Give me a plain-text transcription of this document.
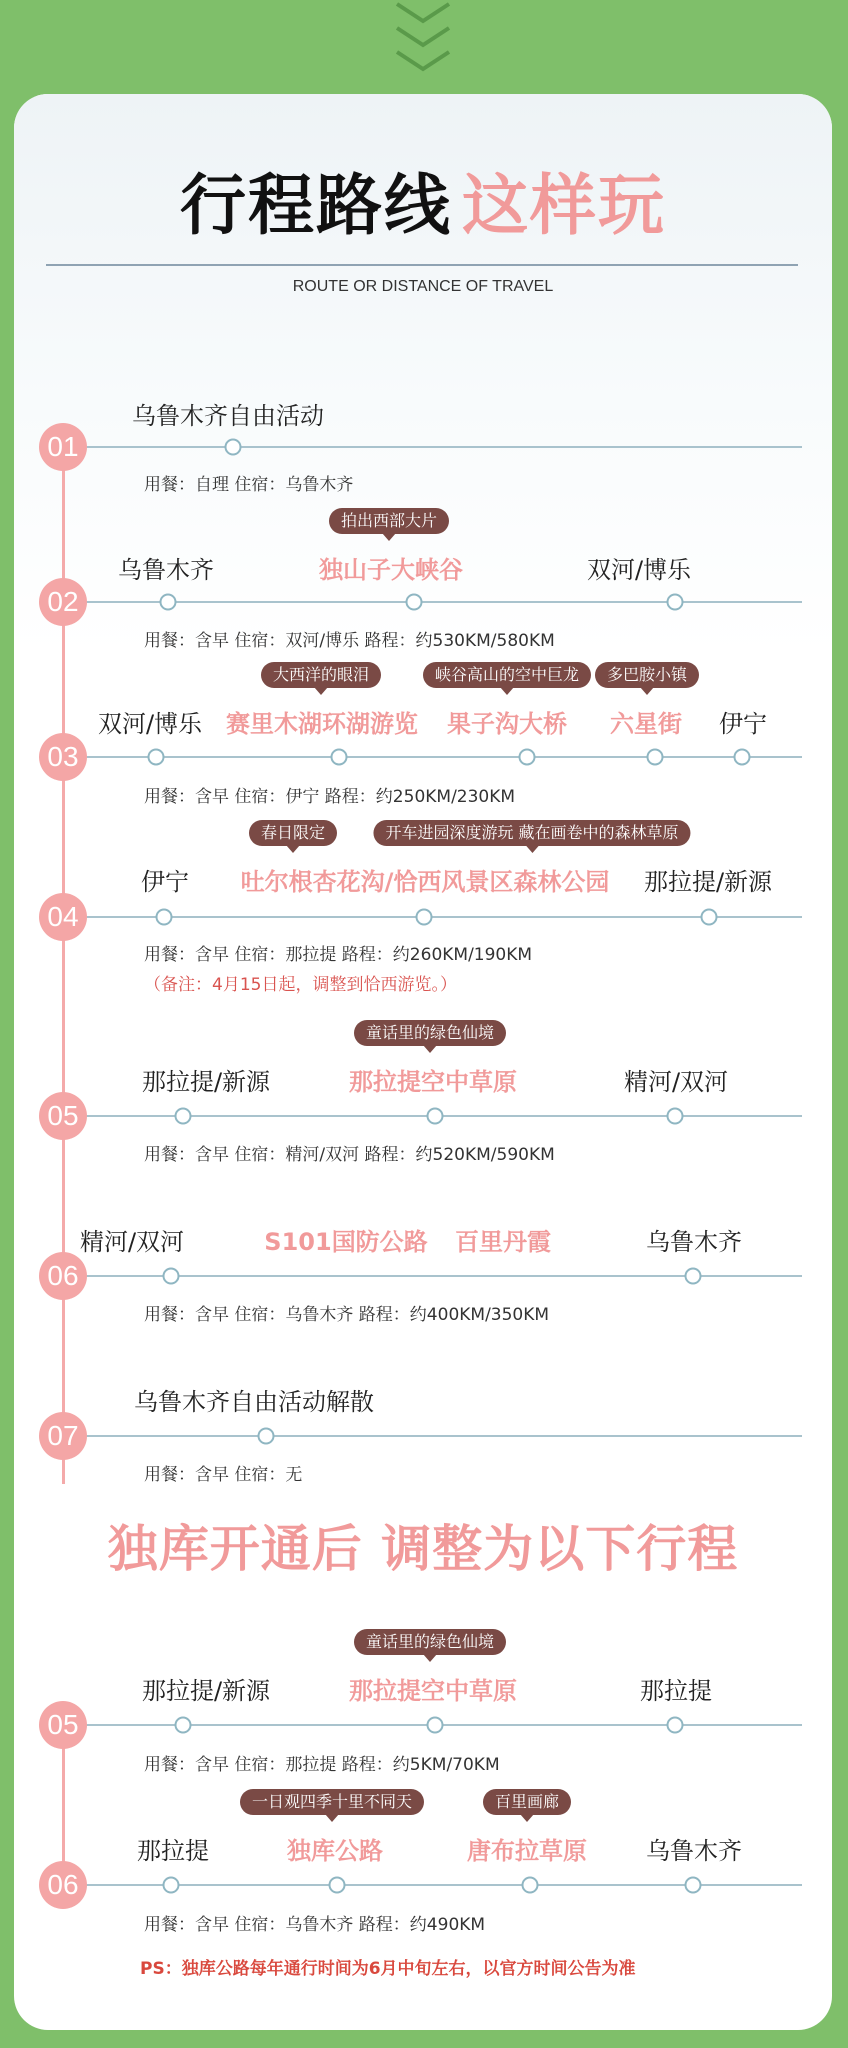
行程路线 这样玩
ROUTE OR DISTANCE OF TRAVEL
乌鲁木齐自由活动
01
用餐：自理 住宿：乌鲁木齐
拍出西部大片
乌鲁木齐	独山子大峡谷	双河/博乐
02
用餐：含早 住宿：双河/博乐 路程：约530KM/580KM
大西洋的眼泪	峡谷高山的空中巨龙	多巴胺小镇
双河/博乐 赛里木湖环湖游览 果子沟大桥 六星街 伊宁
03
用餐：含早 住宿：伊宁 路程：约250KM/230KM
春日限定	开车进园深度游玩 藏在画卷中的森林草原
伊宁 吐尔根杏花沟/恰西风景区森林公园 那拉提/新源
04
用餐：含早 住宿：那拉提 路程：约260KM/190KM
（备注：4月15日起，调整到恰西游览。）
童话里的绿色仙境
那拉提/新源	那拉提空中草原	精河/双河
05
用餐：含早 住宿：精河/双河 路程：约520KM/590KM
精河/双河	S101国防公路 百里丹霞	乌鲁木齐
06
用餐：含早 住宿：乌鲁木齐 路程：约400KM/350KM
乌鲁木齐自由活动解散
07
用餐：含早 住宿：无
独库开通后 调整为以下行程
童话里的绿色仙境
那拉提/新源	那拉提空中草原	那拉提
05
用餐：含早 住宿：那拉提 路程：约5KM/70KM
一日观四季十里不同天	百里画廊
那拉提	独库公路	唐布拉草原 乌鲁木齐
06
用餐：含早 住宿：乌鲁木齐 路程：约490KM
PS：独库公路每年通行时间为6月中旬左右，以官方时间公告为准
